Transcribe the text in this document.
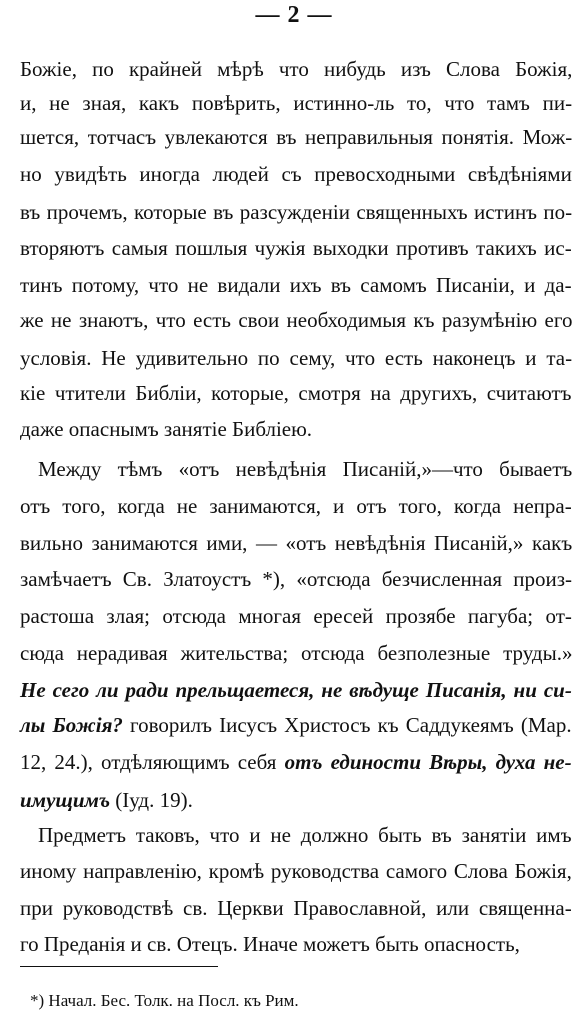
— 2 —
Божіе, по крайней мѣрѣ что нибудь изъ Слова Божія,
и, не зная, какъ повѣрить, истинно-ль то, что тамъ пи-
шется, тотчасъ увлекаются въ неправильныя понятія. Мож-
но увидѣть иногда людей съ превосходными свѣдѣніями
въ прочемъ, которые въ разсужденіи священныхъ истинъ по-
вторяютъ самыя пошлыя чужія выходки противъ такихъ ис-
тинъ потому, что не видали ихъ въ самомъ Писаніи, и да-
же не знаютъ, что есть свои необходимыя къ разумѣнію его
условія. Не удивительно по сему, что есть наконецъ и та-
кіе чтители Библіи, которые, смотря на другихъ, считаютъ
даже опаснымъ занятіе Библіею.
Между тѣмъ «отъ невѣдѣнія Писаній,»—что бываетъ
отъ того, когда не занимаются, и отъ того, когда непра-
вильно занимаются ими, — «отъ невѣдѣнія Писаній,» какъ
замѣчаетъ Св. Златоустъ *), «отсюда безчисленная произ-
растоша злая; отсюда многая ересей прозябе пагуба; от-
сюда нерадивая жительства; отсюда безполезные труды.»
Не сего ли ради прельщаетеся, не вѣдуще Писанія, ни си-
лы Божія? говорилъ Іисусъ Христосъ къ Саддукеямъ (Мар.
12, 24.), отдѣляющимъ себя отъ единости Вѣры, духа не-
имущимъ (Іуд. 19).
Предметъ таковъ, что и не должно быть въ занятіи имъ
иному направленію, кромѣ руководства самого Слова Божія,
при руководствѣ св. Церкви Православной, или священна-
го Преданія и св. Отецъ. Иначе можетъ быть опасность,
*) Начал. Бес. Толк. на Посл. къ Рим.
